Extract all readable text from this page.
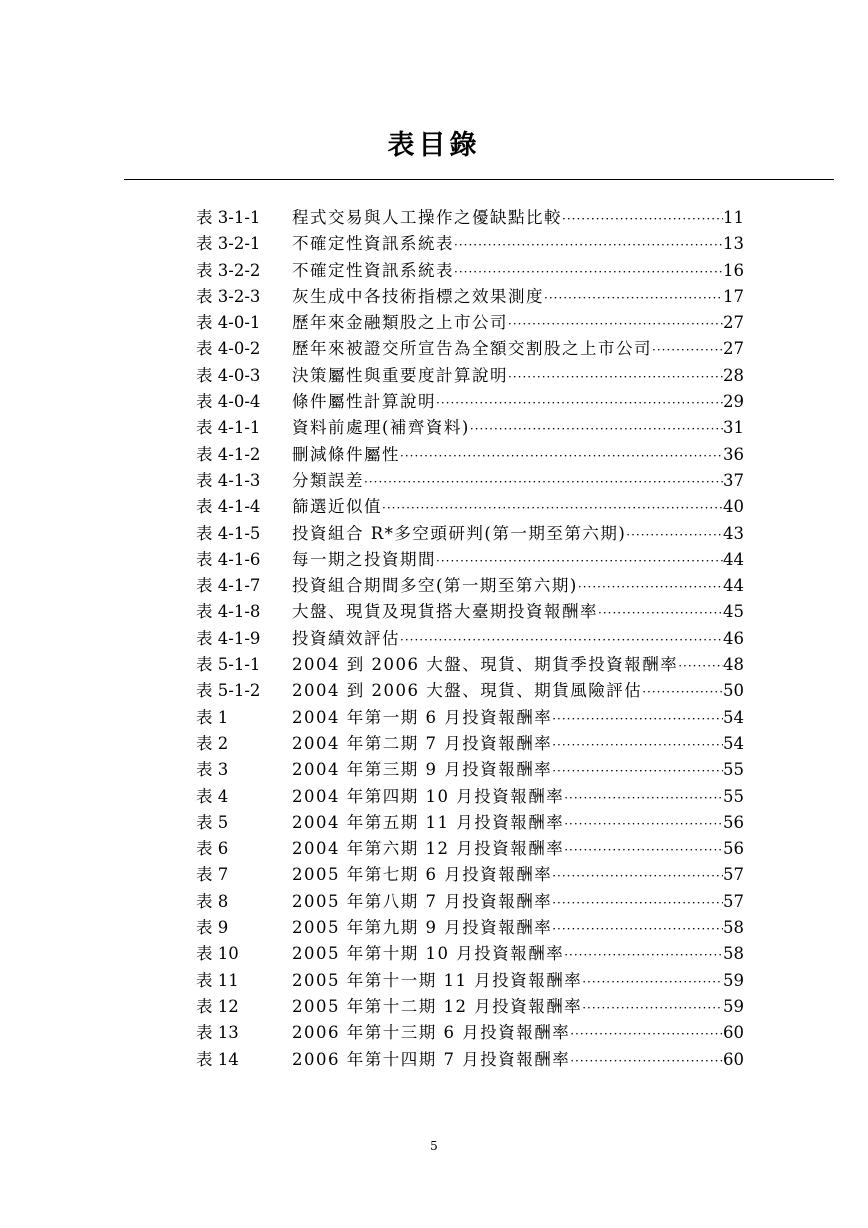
表目錄
表 3-1-1	程式交易與人工操作之優缺點比較 ·····	11
表 3-2-1	不確定性資訊系統表 ·····	13
表 3-2-2	不確定性資訊系統表 ·····	16
表 3-2-3	灰生成中各技術指標之效果測度 ·····	17
表 4-0-1	歷年來金融類股之上市公司 ·····	27
表 4-0-2	歷年來被證交所宣告為全額交割股之上市公司 ·····	27
表 4-0-3	決策屬性與重要度計算說明 ·····	28
表 4-0-4	條件屬性計算說明 ·····	29
表 4-1-1	資料前處理(補齊資料) ·····	31
表 4-1-2	刪減條件屬性 ·····	36
表 4-1-3	分類誤差 ·····	37
表 4-1-4	篩選近似值 ·····	40
表 4-1-5	投資組合 R*多空頭研判(第一期至第六期) ·····	43
表 4-1-6	每一期之投資期間 ·····	44
表 4-1-7	投資組合期間多空(第一期至第六期) ·····	44
表 4-1-8	大盤、現貨及現貨搭大臺期投資報酬率 ·····	45
表 4-1-9	投資績效評估 ·····	46
表 5-1-1	2004 到 2006 大盤、現貨、期貨季投資報酬率 ·····	48
表 5-1-2	2004 到 2006 大盤、現貨、期貨風險評估 ·····	50
表 1	2004 年第一期 6 月投資報酬率 ·····	54
表 2	2004 年第二期 7 月投資報酬率 ·····	54
表 3	2004 年第三期 9 月投資報酬率 ·····	55
表 4	2004 年第四期 10 月投資報酬率 ·····	55
表 5	2004 年第五期 11 月投資報酬率 ·····	56
表 6	2004 年第六期 12 月投資報酬率 ·····	56
表 7	2005 年第七期 6 月投資報酬率 ·····	57
表 8	2005 年第八期 7 月投資報酬率 ·····	57
表 9	2005 年第九期 9 月投資報酬率 ·····	58
表 10	2005 年第十期 10 月投資報酬率 ·····	58
表 11	2005 年第十一期 11 月投資報酬率 ·····	59
表 12	2005 年第十二期 12 月投資報酬率 ·····	59
表 13	2006 年第十三期 6 月投資報酬率 ·····	60
表 14	2006 年第十四期 7 月投資報酬率 ·····	60
5
